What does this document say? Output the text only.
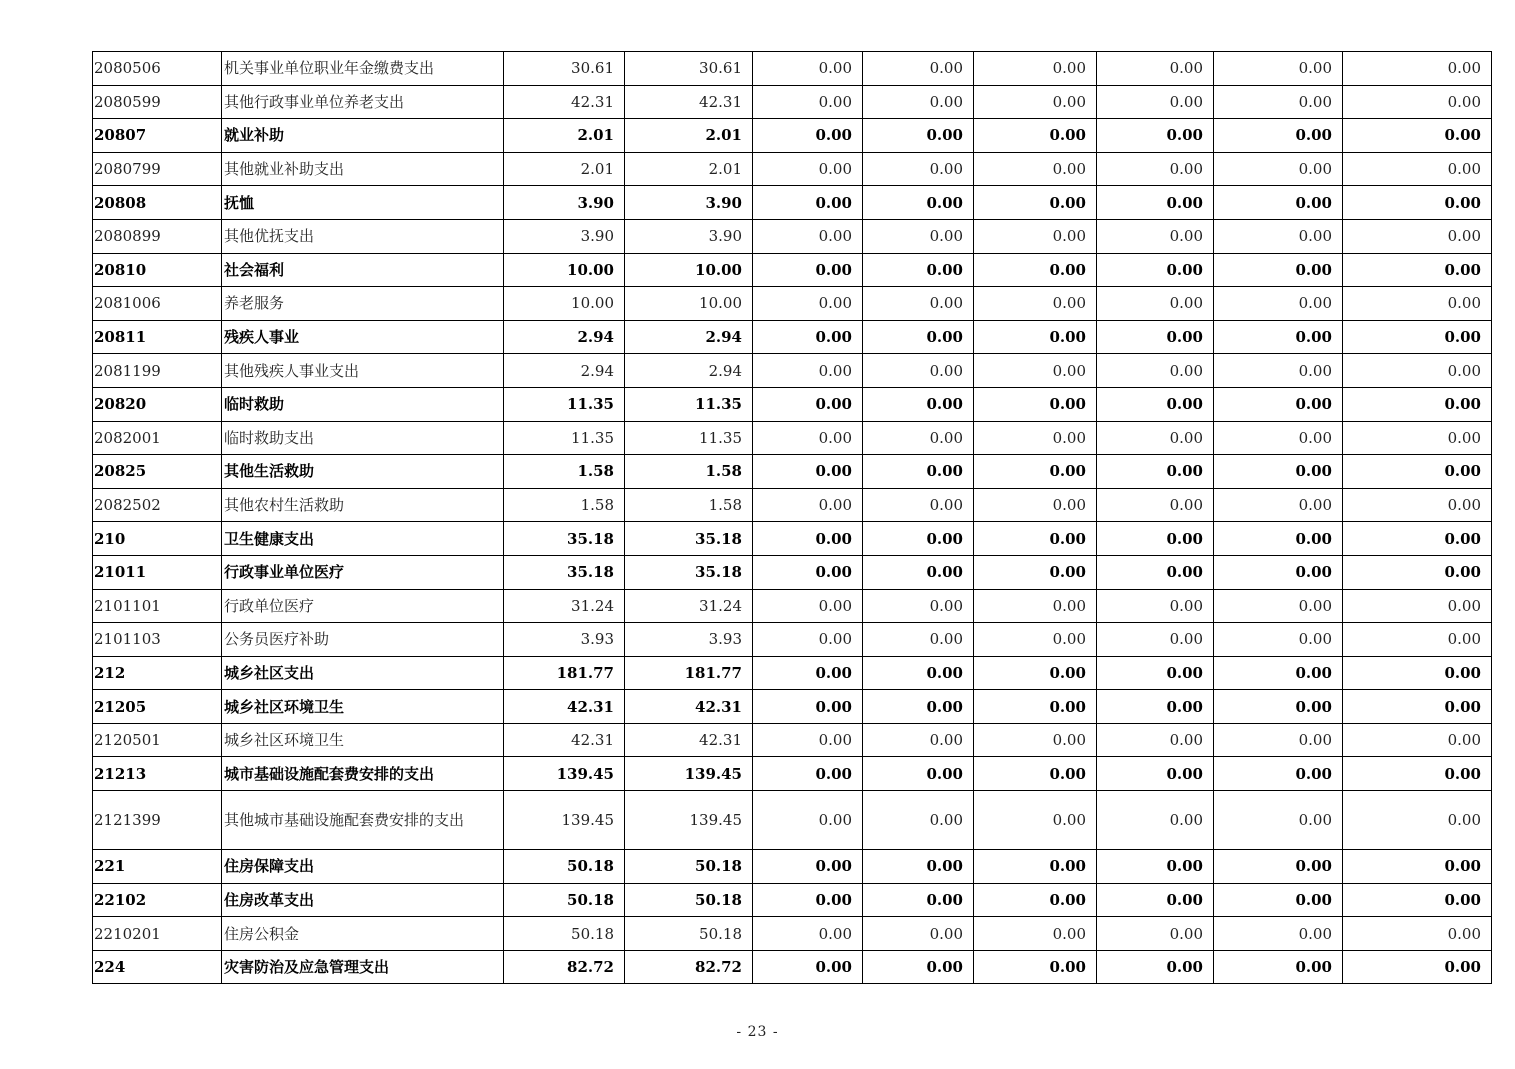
2080506	机关事业单位职业年金缴费支出	30.61	30.61	0.00	0.00	0.00	0.00	0.00	0.00
2080599	其他行政事业单位养老支出	42.31	42.31	0.00	0.00	0.00	0.00	0.00	0.00
20807	就业补助	2.01	2.01	0.00	0.00	0.00	0.00	0.00	0.00
2080799	其他就业补助支出	2.01	2.01	0.00	0.00	0.00	0.00	0.00	0.00
20808	抚恤	3.90	3.90	0.00	0.00	0.00	0.00	0.00	0.00
2080899	其他优抚支出	3.90	3.90	0.00	0.00	0.00	0.00	0.00	0.00
20810	社会福利	10.00	10.00	0.00	0.00	0.00	0.00	0.00	0.00
2081006	养老服务	10.00	10.00	0.00	0.00	0.00	0.00	0.00	0.00
20811	残疾人事业	2.94	2.94	0.00	0.00	0.00	0.00	0.00	0.00
2081199	其他残疾人事业支出	2.94	2.94	0.00	0.00	0.00	0.00	0.00	0.00
20820	临时救助	11.35	11.35	0.00	0.00	0.00	0.00	0.00	0.00
2082001	临时救助支出	11.35	11.35	0.00	0.00	0.00	0.00	0.00	0.00
20825	其他生活救助	1.58	1.58	0.00	0.00	0.00	0.00	0.00	0.00
2082502	其他农村生活救助	1.58	1.58	0.00	0.00	0.00	0.00	0.00	0.00
210	卫生健康支出	35.18	35.18	0.00	0.00	0.00	0.00	0.00	0.00
21011	行政事业单位医疗	35.18	35.18	0.00	0.00	0.00	0.00	0.00	0.00
2101101	行政单位医疗	31.24	31.24	0.00	0.00	0.00	0.00	0.00	0.00
2101103	公务员医疗补助	3.93	3.93	0.00	0.00	0.00	0.00	0.00	0.00
212	城乡社区支出	181.77	181.77	0.00	0.00	0.00	0.00	0.00	0.00
21205	城乡社区环境卫生	42.31	42.31	0.00	0.00	0.00	0.00	0.00	0.00
2120501	城乡社区环境卫生	42.31	42.31	0.00	0.00	0.00	0.00	0.00	0.00
21213	城市基础设施配套费安排的支出	139.45	139.45	0.00	0.00	0.00	0.00	0.00	0.00
2121399	其他城市基础设施配套费安排的支出	139.45	139.45	0.00	0.00	0.00	0.00	0.00	0.00
221	住房保障支出	50.18	50.18	0.00	0.00	0.00	0.00	0.00	0.00
22102	住房改革支出	50.18	50.18	0.00	0.00	0.00	0.00	0.00	0.00
2210201	住房公积金	50.18	50.18	0.00	0.00	0.00	0.00	0.00	0.00
224	灾害防治及应急管理支出	82.72	82.72	0.00	0.00	0.00	0.00	0.00	0.00
- 23 -
